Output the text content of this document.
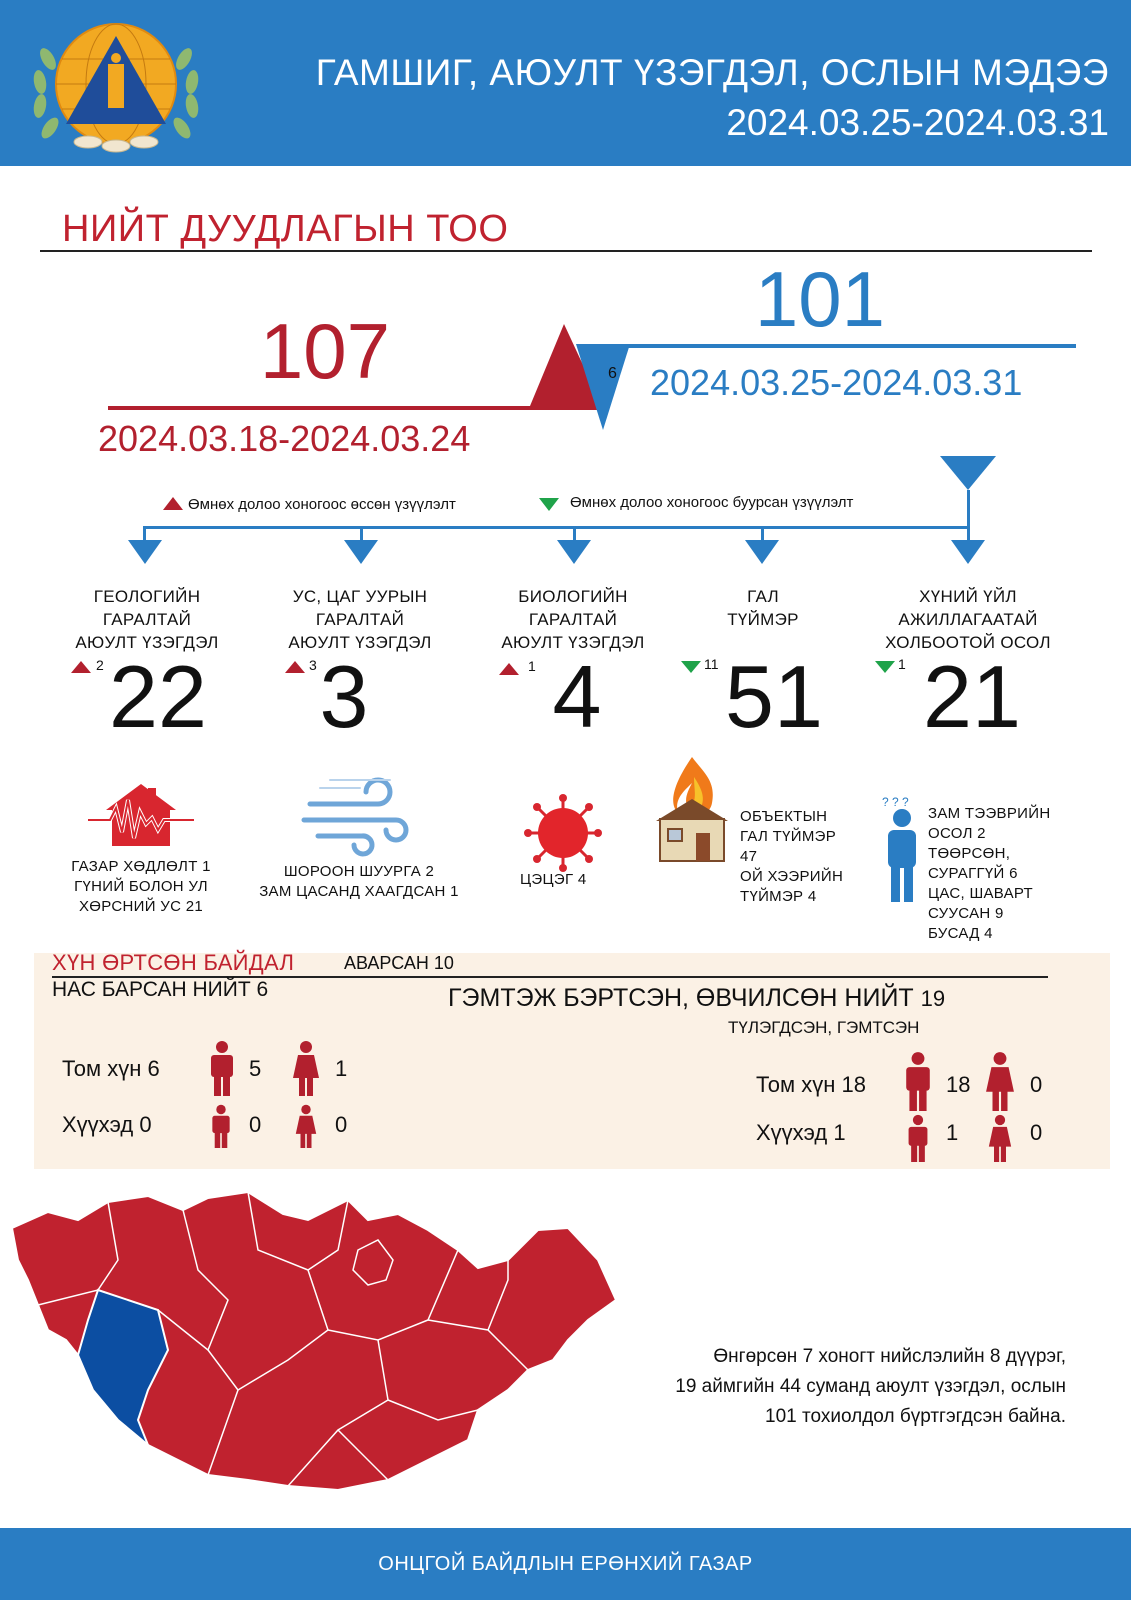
ГАМШИГ, АЮУЛТ ҮЗЭГДЭЛ, ОСЛЫН МЭДЭЭ
2024.03.25-2024.03.31
НИЙТ ДУУДЛАГЫН ТОО
107
2024.03.18-2024.03.24
101
2024.03.25-2024.03.31
6
Өмнөх долоо хоногоос өссөн үзүүлэлт	Өмнөх долоо хоногоос буурсан үзүүлэлт
ГЕОЛОГИЙН
ГАРАЛТАЙ
АЮУЛТ ҮЗЭГДЭЛ
УС, ЦАГ УУРЫН
ГАРАЛТАЙ
АЮУЛТ ҮЗЭГДЭЛ
БИОЛОГИЙН
ГАРАЛТАЙ
АЮУЛТ ҮЗЭГДЭЛ
ГАЛ
ТҮЙМЭР
ХҮНИЙ ҮЙЛ
АЖИЛЛАГААТАЙ
ХОЛБООТОЙ ОСОЛ
2	3	1	11	1
22	3	4	51	21
? ? ?
ГАЗАР ХӨДЛӨЛТ 1
ГҮНИЙ БОЛОН УЛ
ХӨРСНИЙ УС 21
ШОРООН ШУУРГА 2
ЗАМ ЦАСАНД ХААГДСАН 1
ЦЭЦЭГ 4
ОБЪЕКТЫН
ГАЛ ТҮЙМЭР
47
ОЙ ХЭЭРИЙН
ТҮЙМЭР 4
ЗАМ ТЭЭВРИЙН
ОСОЛ 2
ТӨӨРСӨН,
СУРАГГҮЙ 6
ЦАС, ШАВАРТ
СУУСАН 9
БУСАД 4
ХҮН ӨРТСӨН БАЙДАЛ	АВАРСАН 10
НАС БАРСАН НИЙТ 6	ГЭМТЭЖ БЭРТСЭН, ӨВЧИЛСӨН НИЙТ 19
ТҮЛЭГДСЭН, ГЭМТСЭН
Том хүн 6	5	1
Хүүхэд 0	0	0
Том хүн 18	18	0
Хүүхэд 1	1	0
Өнгөрсөн 7 хоногт нийслэлийн 8 дүүрэг,
19 аймгийн 44 суманд аюулт үзэгдэл, ослын
101 тохиолдол бүртгэгдсэн байна.
ОНЦГОЙ БАЙДЛЫН ЕРӨНХИЙ ГАЗАР
